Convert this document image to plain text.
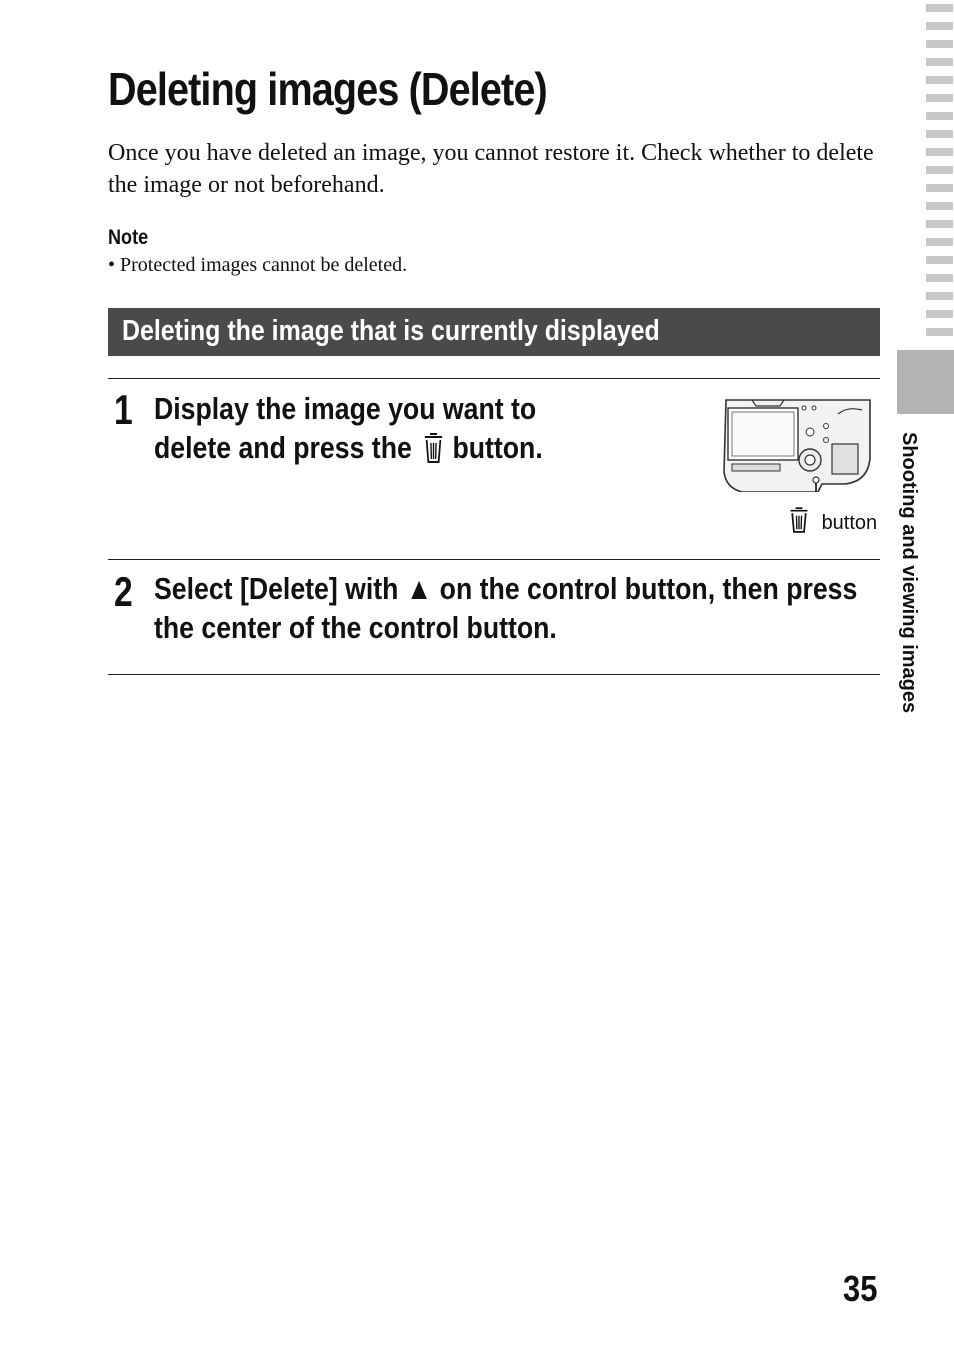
Deleting images (Delete)

Once you have deleted an image, you cannot restore it. Check whether to delete the image or not beforehand.

Note
• Protected images cannot be deleted.
Deleting the image that is currently displayed
1 Display the image you want to delete and press the button.

button
2 Select [Delete] with ▲ on the control button, then press the center of the control button.	Shooting and viewing images
35
